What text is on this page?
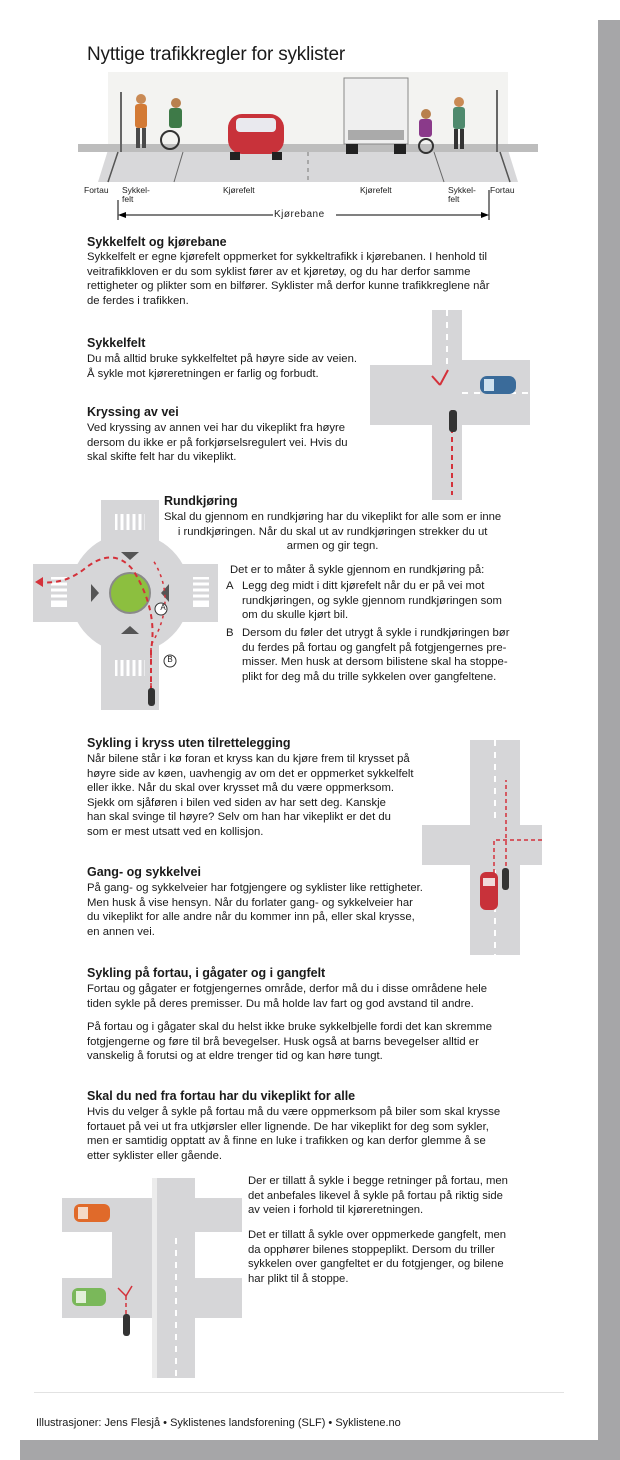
Nyttige trafikkregler for syklister
Fortau Sykkel-
felt
Kjørefelt	Kjørefelt	Sykkel-
felt
Fortau
Kjørebane
Sykkelfelt og kjørebane

Sykkelfelt er egne kjørefelt oppmerket for sykkeltrafikk i kjørebanen. I henhold til
veitrafikkloven er du som syklist fører av et kjøretøy, og du har derfor samme
rettigheter og plikter som en bilfører. Syklister må derfor kunne trafikkreglene når
de ferdes i trafikken.

Sykkelfelt

Du må alltid bruke sykkelfeltet på høyre side av veien.
Å sykle mot kjøreretningen er farlig og forbudt.

Kryssing av vei

Ved kryssing av annen vei har du vikeplikt fra høyre
dersom du ikke er på forkjørselsregulert vei. Hvis du
skal skifte felt har du vikeplikt.

A
B
Rundkjøring

Skal du gjennom en rundkjøring har du vikeplikt for alle som er inne
i rundkjøringen. Når du skal ut av rundkjøringen strekker du ut
armen og gir tegn.

Det er to måter å sykle gjennom en rundkjøring på:

A Legg deg midt i ditt kjørefelt når du er på vei mot
rundkjøringen, og sykle gjennom rundkjøringen som
om du skulle kjørt bil.

B Dersom du føler det utrygt å sykle i rundkjøringen bør
du ferdes på fortau og gangfelt på fotgjengernes pre-
misser. Men husk at dersom bilistene skal ha stoppe-
plikt for deg må du trille sykkelen over gangfeltene.

Sykling i kryss uten tilrettelegging

Når bilene står i kø foran et kryss kan du kjøre frem til krysset på
høyre side av køen, uavhengig av om det er oppmerket sykkelfelt
eller ikke. Når du skal over krysset må du være oppmerksom.
Sjekk om sjåføren i bilen ved siden av har sett deg. Kanskje
han skal svinge til høyre? Selv om han har vikeplikt er det du
som er mest utsatt ved en kollisjon.

Gang- og sykkelvei

På gang- og sykkelveier har fotgjengere og syklister like rettigheter.
Men husk å vise hensyn. Når du forlater gang- og sykkelveier har
du vikeplikt for alle andre når du kommer inn på, eller skal krysse,
en annen vei.

Sykling på fortau, i gågater og i gangfelt

Fortau og gågater er fotgjengernes område, derfor må du i disse områdene hele
tiden sykle på deres premisser. Du må holde lav fart og god avstand til andre.

På fortau og i gågater skal du helst ikke bruke sykkelbjelle fordi det kan skremme
fotgjengerne og føre til brå bevegelser. Husk også at barns bevegelser alltid er
vanskelig å forutsi og at eldre trenger tid og kan høre tungt.

Skal du ned fra fortau har du vikeplikt for alle

Hvis du velger å sykle på fortau må du være oppmerksom på biler som skal krysse
fortauet på vei ut fra utkjørsler eller lignende. De har vikeplikt for deg som sykler,
men er samtidig opptatt av å finne en luke i trafikken og kan derfor glemme å se
etter syklister eller gående.

Der er tillatt å sykle i begge retninger på fortau, men
det anbefales likevel å sykle på fortau på riktig side
av veien i forhold til kjøreretningen.

Det er tillatt å sykle over oppmerkede gangfelt, men
da opphører bilenes stoppeplikt. Dersom du triller
sykkelen over gangfeltet er du fotgjenger, og bilene
har plikt til å stoppe.

Illustrasjoner: Jens Flesjå • Syklistenes landsforening (SLF) • Syklistene.no
